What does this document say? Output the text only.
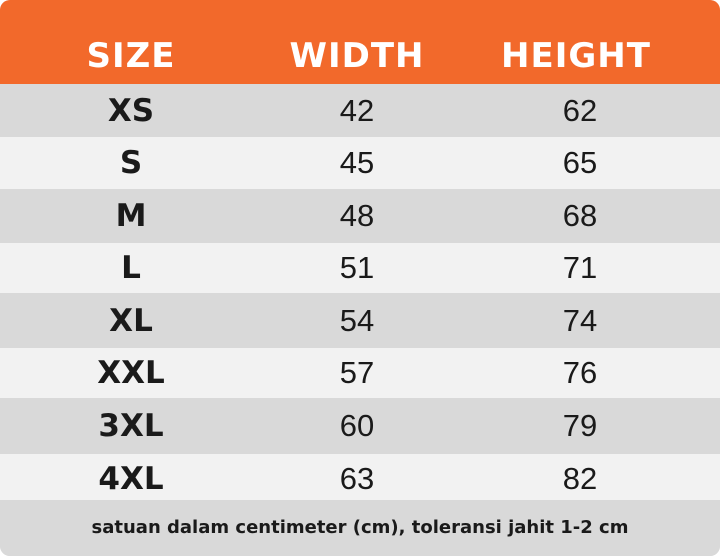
SIZE	WIDTH	HEIGHT
XS	42	62
S	45	65
M	48	68
L	51	71
XL	54	74
XXL	57	76
3XL	60	79
4XL	63	82
satuan dalam centimeter (cm), toleransi jahit 1-2 cm
